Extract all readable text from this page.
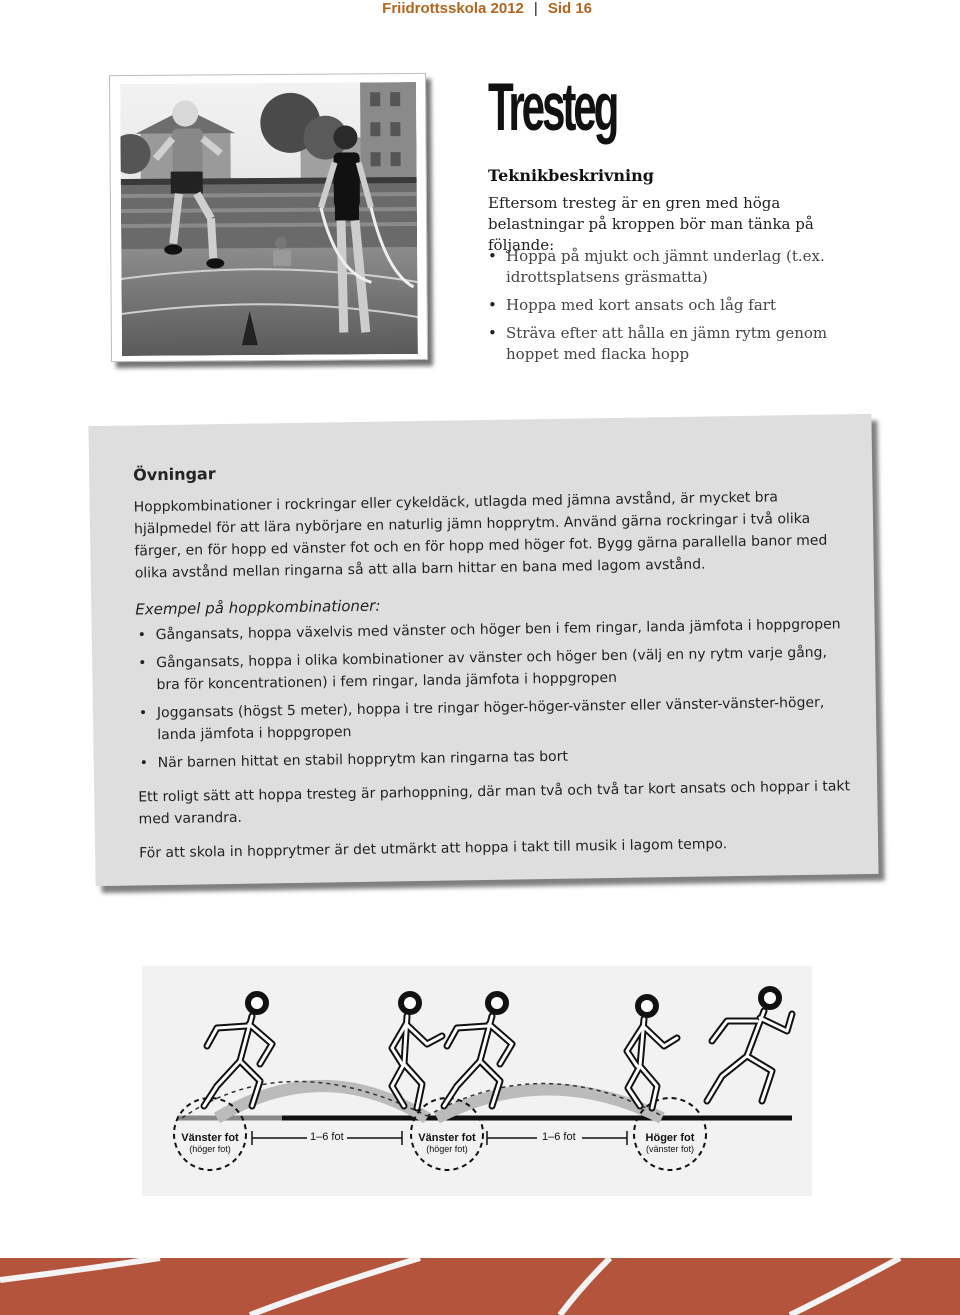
Friidrottsskola 2012 | Sid 16
Tresteg
Teknikbeskrivning
Eftersom tresteg är en gren med höga belastningar på kroppen bör man tänka på följande:
• Hoppa på mjukt och jämnt underlag (t.ex. idrottsplatsens gräsmatta)
• Hoppa med kort ansats och låg fart
• Sträva efter att hålla en jämn rytm genom hoppet med flacka hopp
Övningar

Hoppkombinationer i rockringar eller cykeldäck, utlagda med jämna avstånd, är mycket bra hjälpmedel för att lära nybörjare en naturlig jämn hopprytm. Använd gärna rockringar i två olika färger, en för hopp ed vänster fot och en för hopp med höger fot. Bygg gärna parallella banor med olika avstånd mellan ringarna så att alla barn hittar en bana med lagom avstånd.

Exempel på hoppkombinationer:
• Gångansats, hoppa växelvis med vänster och höger ben i fem ringar, landa jämfota i hoppgropen
• Gångansats, hoppa i olika kombinationer av vänster och höger ben (välj en ny rytm varje gång, bra för koncentrationen) i fem ringar, landa jämfota i hoppgropen
• Joggansats (högst 5 meter), hoppa i tre ringar höger-höger-vänster eller vänster-vänster-höger, landa jämfota i hoppgropen
• När barnen hittat en stabil hopprytm kan ringarna tas bort

Ett roligt sätt att hoppa tresteg är parhoppning, där man två och två tar kort ansats och hoppar i takt med varandra.

För att skola in hopprytmer är det utmärkt att hoppa i takt till musik i lagom tempo.

Vänster fot
(höger fot)
Vänster fot
(höger fot)
Höger fot
(vänster fot)
1–6 fot	1–6 fot
